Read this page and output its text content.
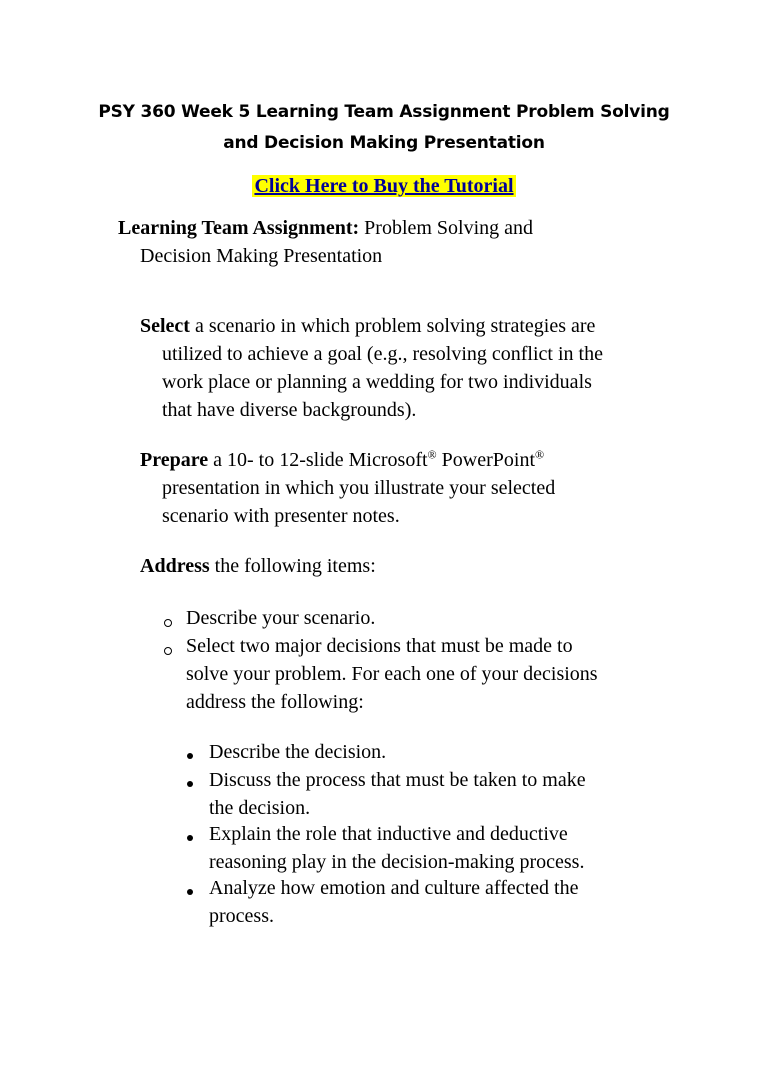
PSY 360 Week 5 Learning Team Assignment Problem Solving
and Decision Making Presentation
Click Here to Buy the Tutorial
Learning Team Assignment: Problem Solving and
Decision Making Presentation
Select a scenario in which problem solving strategies are
utilized to achieve a goal (e.g., resolving conflict in the
work place or planning a wedding for two individuals
that have diverse backgrounds).
Prepare a 10- to 12-slide Microsoft® PowerPoint®
presentation in which you illustrate your selected
scenario with presenter notes.
Address the following items:
Describe your scenario.
Select two major decisions that must be made to
solve your problem. For each one of your decisions
address the following:
Describe the decision.
Discuss the process that must be taken to make
the decision.
Explain the role that inductive and deductive
reasoning play in the decision-making process.
Analyze how emotion and culture affected the
process.
